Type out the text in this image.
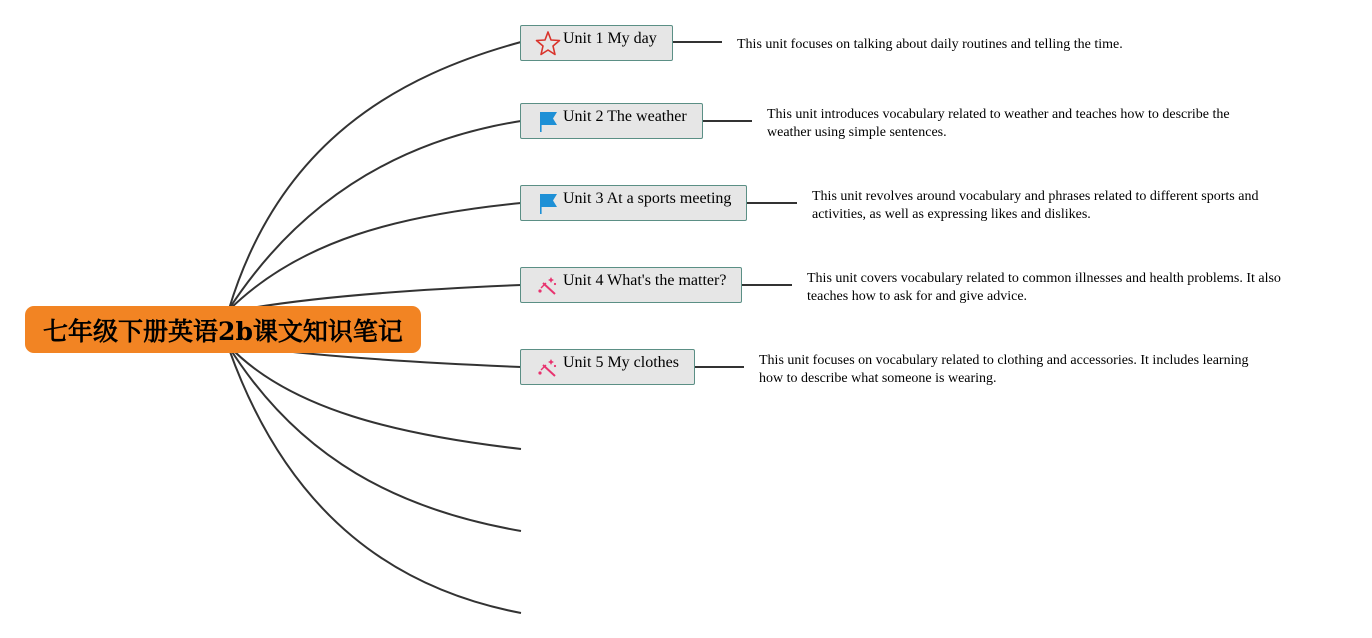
七年级下册英语2b课文知识笔记
Unit 1 My day	This unit focuses on talking about daily routines and telling the time.
Unit 2 The weather	This unit introduces vocabulary related to weather and teaches how to describe the weather using simple sentences.
Unit 3 At a sports meeting	This unit revolves around vocabulary and phrases related to different sports and activities, as well as expressing likes and dislikes.
Unit 4 What's the matter?	This unit covers vocabulary related to common illnesses and health problems. It also teaches how to ask for and give advice.
Unit 5 My clothes	This unit focuses on vocabulary related to clothing and accessories. It includes learning how to describe what someone is wearing.
